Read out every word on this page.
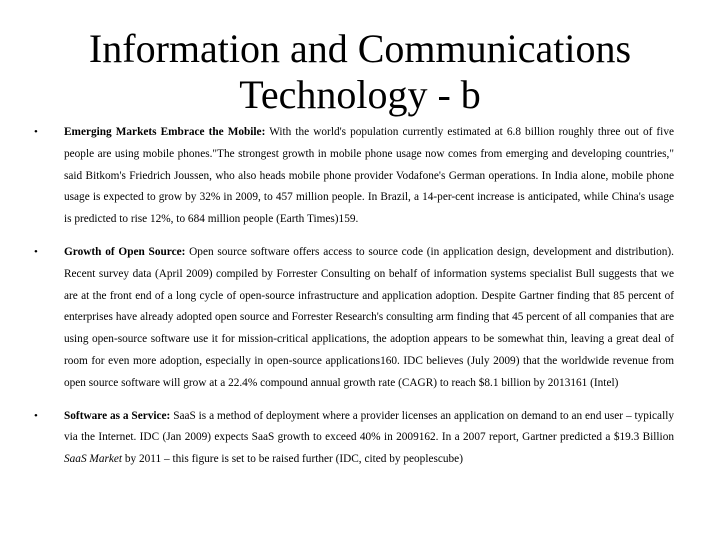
Information and Communications
Technology - b
• Emerging Markets Embrace the Mobile: With the world's population currently estimated at 6.8 billion roughly three out of five people are using mobile phones."The strongest growth in mobile phone usage now comes from emerging and developing countries," said Bitkom's Friedrich Joussen, who also heads mobile phone provider Vodafone's German operations. In India alone, mobile phone usage is expected to grow by 32% in 2009, to 457 million people. In Brazil, a 14-per-cent increase is anticipated, while China's usage is predicted to rise 12%, to 684 million people (Earth Times)159.
• Growth of Open Source: Open source software offers access to source code (in application design, development and distribution). Recent survey data (April 2009) compiled by Forrester Consulting on behalf of information systems specialist Bull suggests that we are at the front end of a long cycle of open-source infrastructure and application adoption. Despite Gartner finding that 85 percent of enterprises have already adopted open source and Forrester Research's consulting arm finding that 45 percent of all companies that are using open-source software use it for mission-critical applications, the adoption appears to be somewhat thin, leaving a great deal of room for even more adoption, especially in open-source applications160. IDC believes (July 2009) that the worldwide revenue from open source software will grow at a 22.4% compound annual growth rate (CAGR) to reach $8.1 billion by 2013161 (Intel)
• Software as a Service: SaaS is a method of deployment where a provider licenses an application on demand to an end user – typically via the Internet. IDC (Jan 2009) expects SaaS growth to exceed 40% in 2009162. In a 2007 report, Gartner predicted a $19.3 Billion SaaS Market by 2011 – this figure is set to be raised further (IDC, cited by peoplescube)
